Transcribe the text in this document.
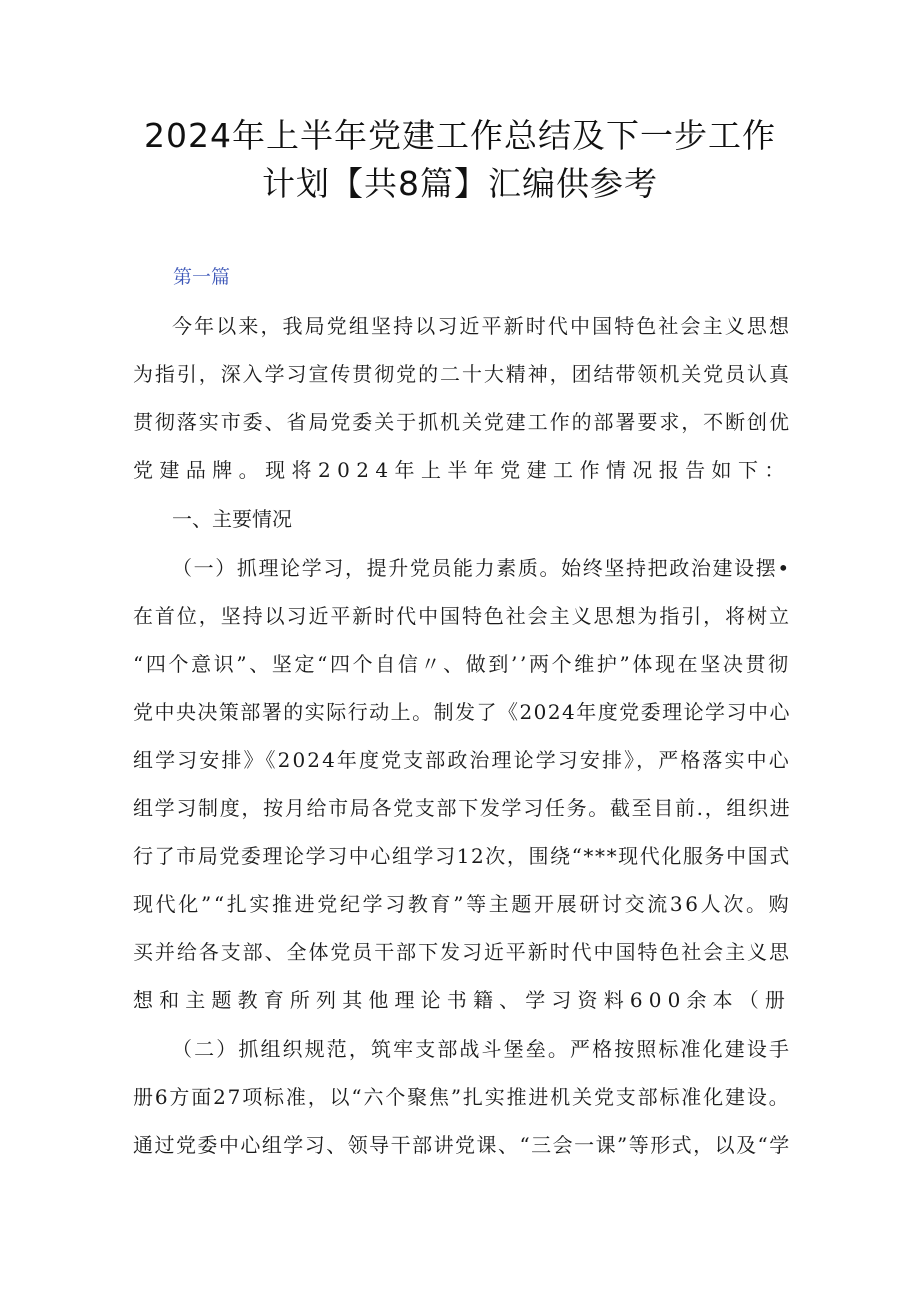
2024年上半年党建工作总结及下一步工作
计划【共8篇】汇编供参考
第一篇
今年以来，我局党组坚持以习近平新时代中国特色社会主义思想
为指引，深入学习宣传贯彻党的二十大精神，团结带领机关党员认真
贯彻落实市委、省局党委关于抓机关党建工作的部署要求，不断创优
党建品牌。现将2024年上半年党建工作情况报告如下：
一、主要情况
（一）抓理论学习，提升党员能力素质。始终坚持把政治建设摆•
在首位，坚持以习近平新时代中国特色社会主义思想为指引，将树立
“四个意识”、坚定“四个自信〃、做到’’两个维护”体现在坚决贯彻
党中央决策部署的实际行动上。制发了《2024年度党委理论学习中心
组学习安排》《2024年度党支部政治理论学习安排》，严格落实中心
组学习制度，按月给市局各党支部下发学习任务。截至目前.，组织进
行了市局党委理论学习中心组学习12次，围绕“***现代化服务中国式
现代化”“扎实推进党纪学习教育”等主题开展研讨交流36人次。购
买并给各支部、全体党员干部下发习近平新时代中国特色社会主义思
想和主题教育所列其他理论书籍、学习资料600余本（册
（二）抓组织规范，筑牢支部战斗堡垒。严格按照标准化建设手
册6方面27项标准，以“六个聚焦”扎实推进机关党支部标准化建设。
通过党委中心组学习、领导干部讲党课、“三会一课”等形式，以及“学
